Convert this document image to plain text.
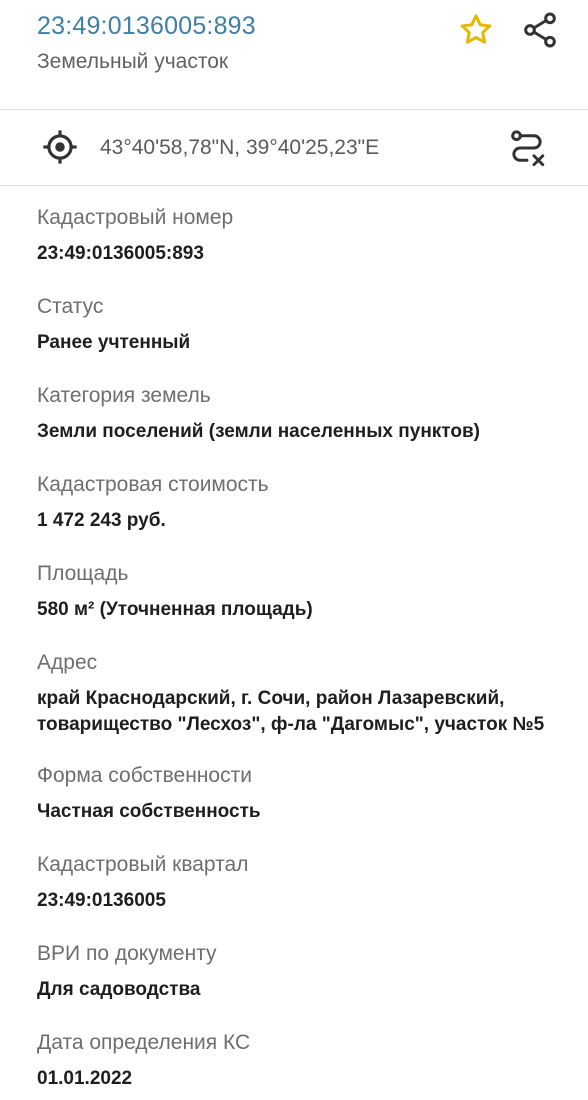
23:49:0136005:893
Земельный участок
43°40'58,78"N, 39°40'25,23"E
Кадастровый номер
23:49:0136005:893
Статус
Ранее учтенный
Категория земель
Земли поселений (земли населенных пунктов)
Кадастровая стоимость
1 472 243 руб.
Площадь
580 м² (Уточненная площадь)
Адрес
край Краснодарский, г. Сочи, район Лазаревский, товарищество "Лесхоз", ф-ла "Дагомыс", участок №5
Форма собственности
Частная собственность
Кадастровый квартал
23:49:0136005
ВРИ по документу
Для садоводства
Дата определения КС
01.01.2022
